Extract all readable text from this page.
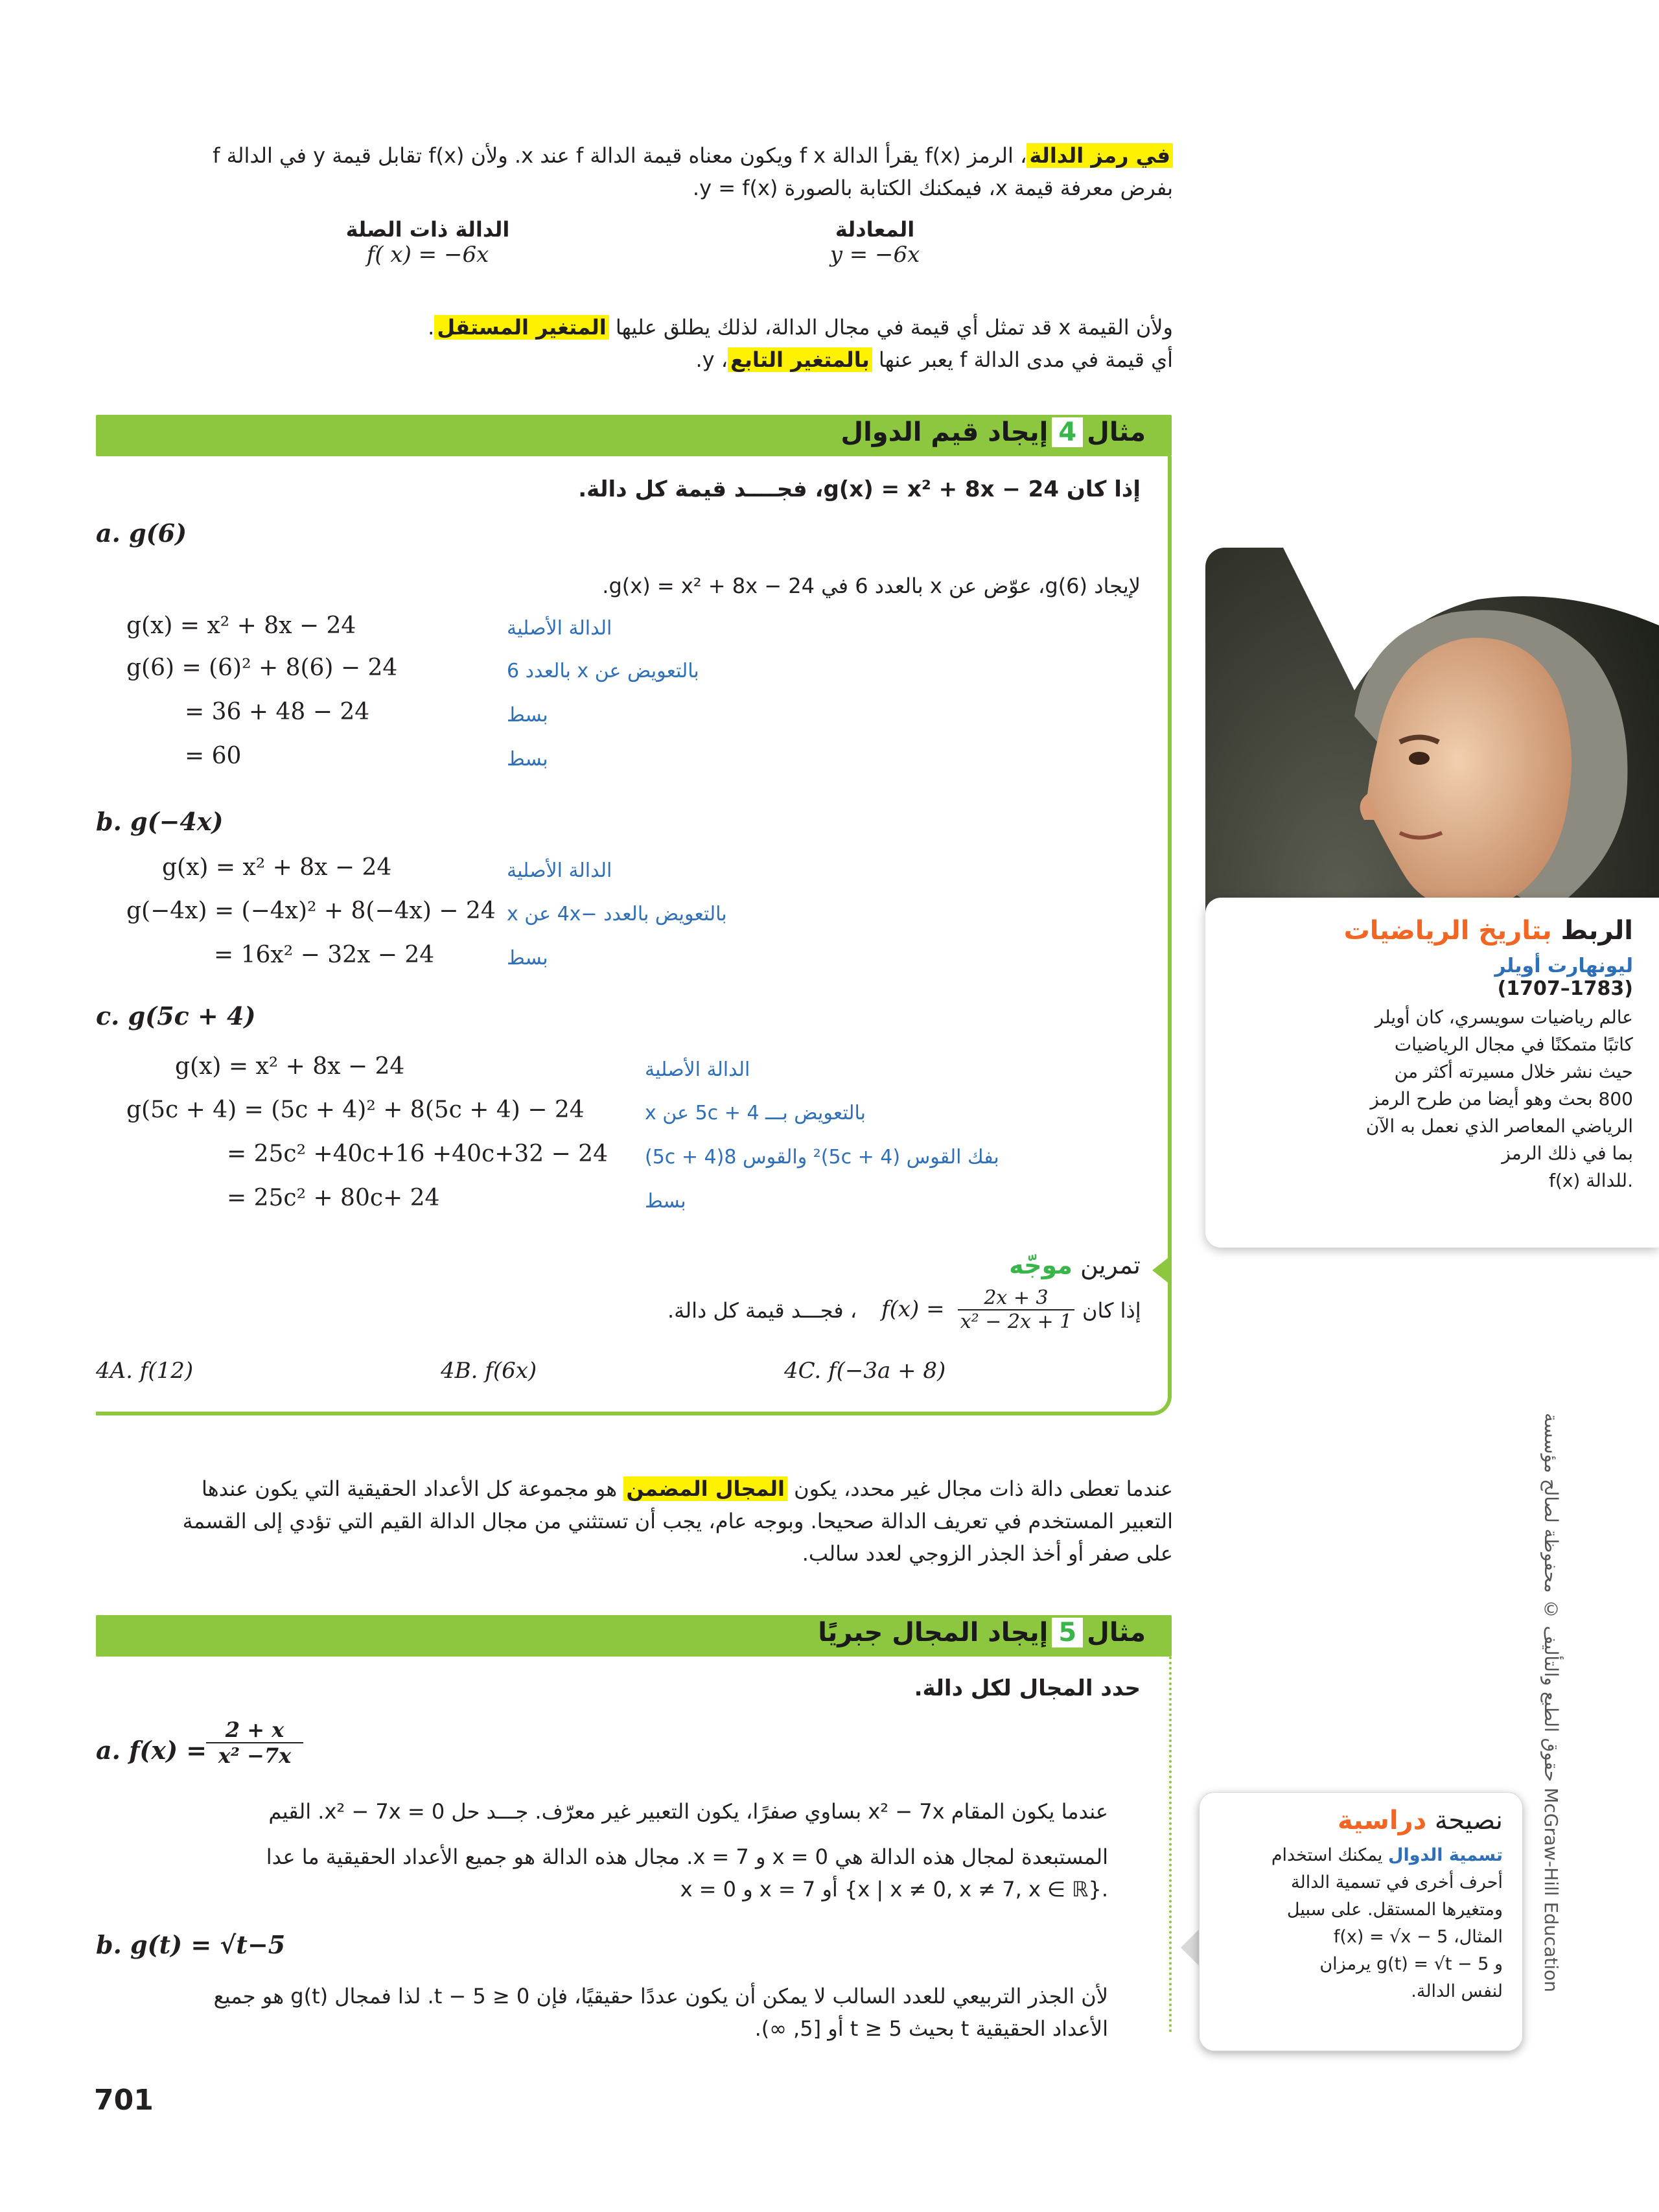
في رمز الدالة، الرمز f(x) يقرأ الدالة f x ويكون معناه قيمة الدالة f عند x. ولأن f(x) تقابل قيمة y في الدالة f
بفرض معرفة قيمة x، فيمكنك الكتابة بالصورة y = f(x).
المعادلة
y = −6x
الدالة ذات الصلة
f( x) = −6x
ولأن القيمة x قد تمثل أي قيمة في مجال الدالة، لذلك يطلق عليها المتغير المستقل.
أي قيمة في مدى الدالة f يعبر عنها بالمتغير التابع، y.
مثال4إيجاد قيم الدوال
إذا كان g(x) = x² + 8x − 24، فجــــد قيمة كل دالة.
a. g(6)
لإيجاد g(6)، عوّض عن x بالعدد 6 في g(x) = x² + 8x − 24.
g(x) = x² + 8x − 24
g(6) = (6)² + 8(6) − 24
= 36 + 48 − 24
= 60
الدالة الأصلية
بالتعويض عن x بالعدد 6
بسط
بسط
b. g(−4x)
g(x) = x² + 8x − 24
g(−4x) = (−4x)² + 8(−4x) − 24
= 16x² − 32x − 24
الدالة الأصلية
بالتعويض بالعدد −4x عن x
بسط
c. g(5c + 4)
g(x) = x² + 8x − 24
g(5c + 4) = (5c + 4)² + 8(5c + 4) − 24
= 25c² +40c+16 +40c+32 − 24
= 25c² + 80c+ 24
الدالة الأصلية
بالتعويض بـــ 5c + 4 عن x
بفك القوس (5c + 4)² والقوس 8(5c + 4)
بسط
تمرين موجّه
، فجـــد قيمة كل دالة. $f(x) = \frac{2x + 3}{\text{x² − 2x + 1}}$ إذا كان
4A. f(12)	4B. f(6x)	4C. f(−3a + 8)
عندما تعطى دالة ذات مجال غير محدد، يكون المجال المضمن هو مجموعة كل الأعداد الحقيقية التي يكون عندها
التعبير المستخدم في تعريف الدالة صحيحا. وبوجه عام، يجب أن تستثني من مجال الدالة القيم التي تؤدي إلى القسمة
على صفر أو أخذ الجذر الزوجي لعدد سالب.
مثال5إيجاد المجال جبريًا
حدد المجال لكل دالة.
a. f(x) =
$\frac{2 + x}{\text{x² −7x}}$
عندما يكون المقام x² − 7x بساوي صفرًا، يكون التعبير غير معرّف. جـــد حل x² − 7x = 0. القيم
المستبعدة لمجال هذه الدالة هي x = 0 و x = 7. مجال هذه الدالة هو جميع الأعداد الحقيقية ما عدا
x = 0 و x = 7 أو {x | x ≠ 0, x ≠ 7, x ∈ ℝ}.
b. g(t) = √t−5
لأن الجذر التربيعي للعدد السالب لا يمكن أن يكون عددًا حقيقيًا، فإن t − 5 ≥ 0. لذا فمجال g(t) هو جميع
الأعداد الحقيقية t بحيث t ≥ 5 أو [5, ∞).
701
الربط بتاريخ الرياضيات
ليونهارت أويلر
(1707–1783)
عالم رياضيات سويسري، كان أويلر
كاتبًا متمكنًا في مجال الرياضيات
حيث نشر خلال مسيرته أكثر من
800 بحث وهو أيضا من طرح الرمز
الرياضي المعاصر الذي نعمل به الآن
بما في ذلك الرمز
f(x) للدالة.
نصيحة دراسية
تسمية الدوال يمكنك استخدام
أحرف أخرى في تسمية الدالة
ومتغيرها المستقل. على سبيل
المثال، f(x) = √x − 5
و g(t) = √t − 5 يرمزان
لنفس الدالة.
حقوق الطبع والتأليف © محفوظة لصالح مؤسسة McGraw-Hill Education
